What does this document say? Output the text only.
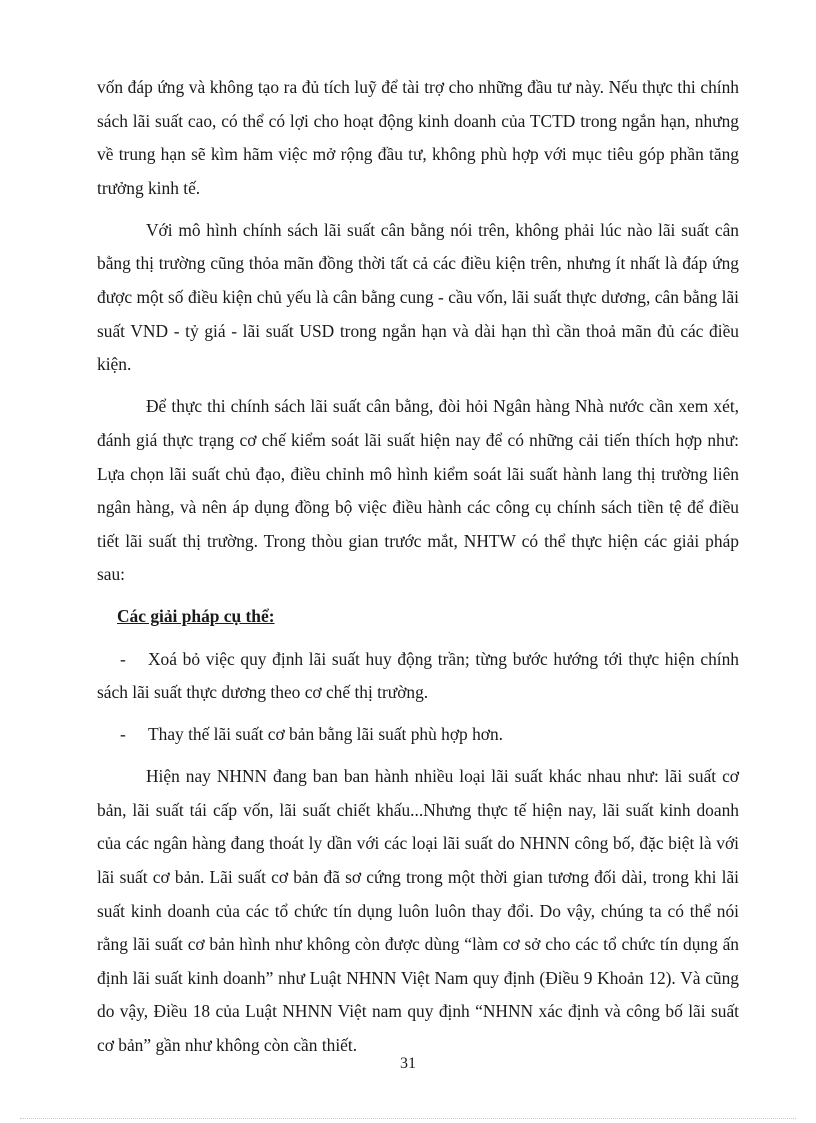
vốn đáp ứng và không tạo ra đủ tích luỹ để tài trợ cho những đầu tư này. Nếu thực thi chính sách lãi suất cao, có thể có lợi cho hoạt động kinh doanh của TCTD trong ngắn hạn, nhưng về trung hạn sẽ kìm hãm việc mở rộng đầu tư, không phù hợp với mục tiêu góp phần tăng trưởng kinh tế.

Với mô hình chính sách lãi suất cân bằng nói trên, không phải lúc nào lãi suất cân bằng thị trường cũng thỏa mãn đồng thời tất cả các điều kiện trên, nhưng ít nhất là đáp ứng được một số điều kiện chủ yếu là cân bằng cung - cầu vốn, lãi suất thực dương, cân bằng lãi suất VND - tỷ giá - lãi suất USD trong ngắn hạn và dài hạn thì cần thoả mãn đủ các điều kiện.

Để thực thi chính sách lãi suất cân bằng, đòi hỏi Ngân hàng Nhà nước cần xem xét, đánh giá thực trạng cơ chế kiểm soát lãi suất hiện nay để có những cải tiến thích hợp như: Lựa chọn lãi suất chủ đạo, điều chỉnh mô hình kiểm soát lãi suất hành lang thị trường liên ngân hàng, và nên áp dụng đồng bộ việc điều hành các công cụ chính sách tiền tệ để điều tiết lãi suất thị trường. Trong thòu gian trước mắt, NHTW có thể thực hiện các giải pháp sau:

Các giải pháp cụ thể:

- Xoá bỏ việc quy định lãi suất huy động trần; từng bước hướng tới thực hiện chính sách lãi suất thực dương theo cơ chế thị trường.

- Thay thế lãi suất cơ bản bằng lãi suất phù hợp hơn.

Hiện nay NHNN đang ban ban hành nhiều loại lãi suất khác nhau như: lãi suất cơ bản, lãi suất tái cấp vốn, lãi suất chiết khấu...Nhưng thực tế hiện nay, lãi suất kinh doanh của các ngân hàng đang thoát ly dần với các loại lãi suất do NHNN công bố, đặc biệt là với lãi suất cơ bản. Lãi suất cơ bản đã sơ cứng trong một thời gian tương đối dài, trong khi lãi suất kinh doanh của các tổ chức tín dụng luôn luôn thay đổi. Do vậy, chúng ta có thể nói rằng lãi suất cơ bản hình như không còn được dùng “làm cơ sở cho các tổ chức tín dụng ấn định lãi suất kinh doanh” như Luật NHNN Việt Nam quy định (Điều 9 Khoản 12). Và cũng do vậy, Điều 18 của Luật NHNN Việt nam quy định “NHNN xác định và công bố lãi suất cơ bản” gần như không còn cần thiết.

31
